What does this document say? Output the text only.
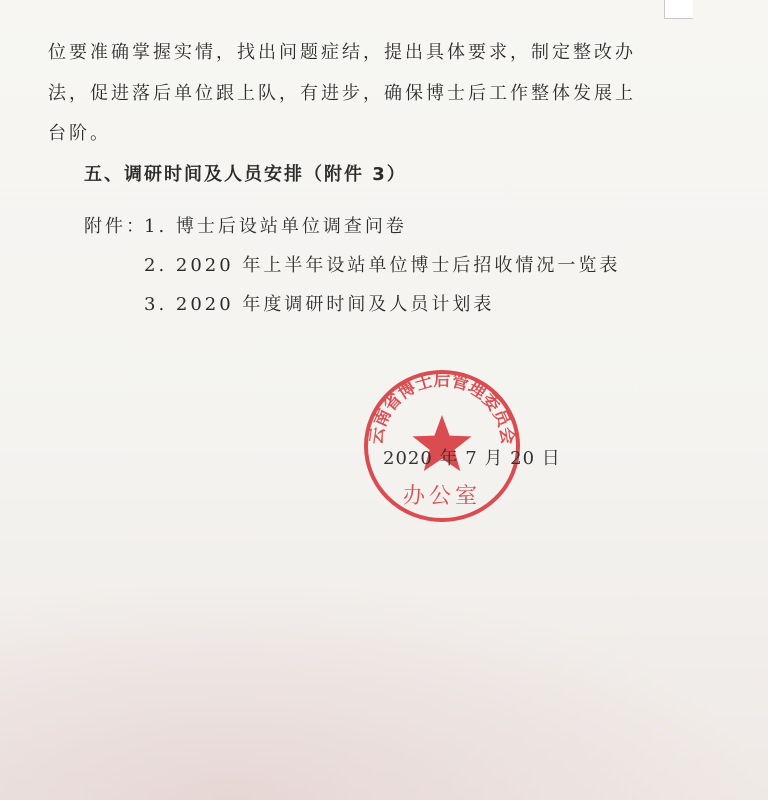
位要准确掌握实情，找出问题症结，提出具体要求，制定整改办
法，促进落后单位跟上队，有进步，确保博士后工作整体发展上
台阶。
五、调研时间及人员安排（附件 3）
附件：
1. 博士后设站单位调查问卷
2. 2020 年上半年设站单位博士后招收情况一览表
3. 2020 年度调研时间及人员计划表
云南省博士后管理委员会
办公室
2020 年 7 月 20 日
